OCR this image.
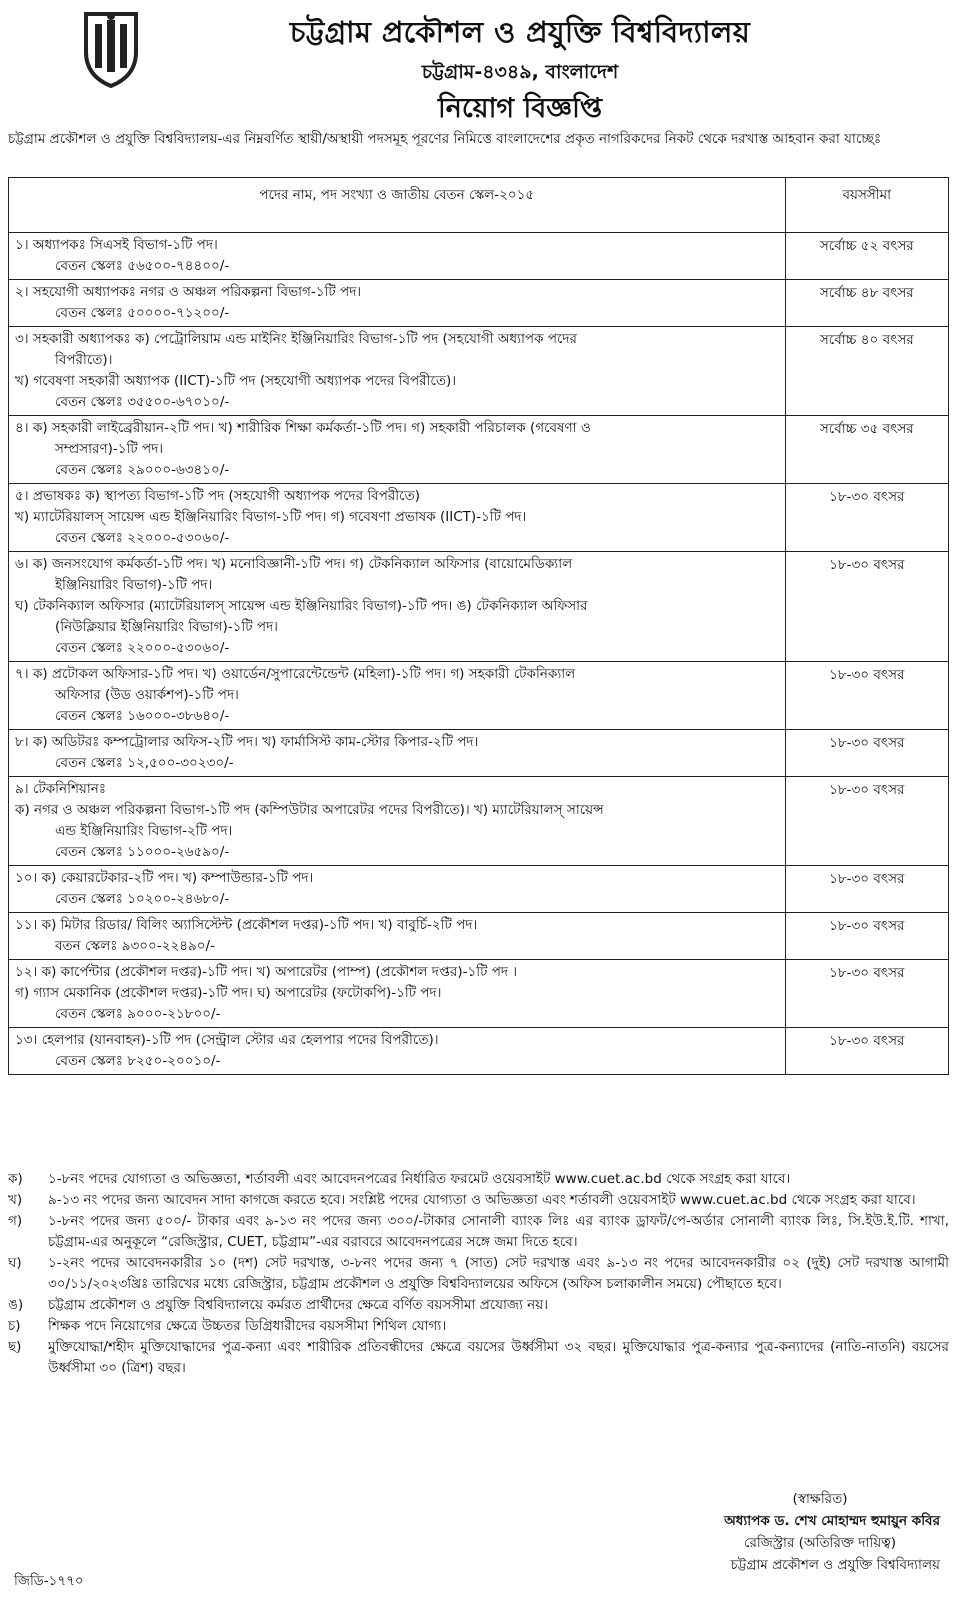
চট্টগ্রাম প্রকৌশল ও প্রযুক্তি বিশ্ববিদ্যালয়
চট্টগ্রাম-৪৩৪৯, বাংলাদেশ
নিয়োগ বিজ্ঞপ্তি
চট্টগ্রাম প্রকৌশল ও প্রযুক্তি বিশ্ববিদ্যালয়-এর নিম্নবর্ণিত স্থায়ী/অস্থায়ী পদসমূহ পূরণের নিমিত্তে বাংলাদেশের প্রকৃত নাগরিকদের নিকট থেকে দরখাস্ত আহবান করা যাচ্ছেঃ
পদের নাম, পদ সংখ্যা ও জাতীয় বেতন স্কেল-২০১৫	বয়সসীমা

১। অধ্যাপকঃ সিএসই বিভাগ-১টি পদ।
বেতন স্কেলঃ ৫৬৫০০-৭৪৪০০/-	সর্বোচ্চ ৫২ বৎসর

২। সহযোগী অধ্যাপকঃ নগর ও অঞ্চল পরিকল্পনা বিভাগ-১টি পদ।
বেতন স্কেলঃ ৫০০০০-৭১২০০/-	সর্বোচ্চ ৪৮ বৎসর

৩। সহকারী অধ্যাপকঃ ক) পেট্রোলিয়াম এন্ড মাইনিং ইঞ্জিনিয়ারিং বিভাগ-১টি পদ (সহযোগী অধ্যাপক পদের
বিপরীতে)।
খ) গবেষণা সহকারী অধ্যাপক (IICT)-১টি পদ (সহযোগী অধ্যাপক পদের বিপরীতে)।
বেতন স্কেলঃ ৩৫৫০০-৬৭০১০/-	সর্বোচ্চ ৪০ বৎসর

৪। ক) সহকারী লাইব্রেরীয়ান-২টি পদ। খ) শারীরিক শিক্ষা কর্মকর্তা-১টি পদ। গ) সহকারী পরিচালক (গবেষণা ও
সম্প্রসারণ)-১টি পদ।
বেতন স্কেলঃ ২৯০০০-৬৩৪১০/-	সর্বোচ্চ ৩৫ বৎসর

৫। প্রভাষকঃ ক) স্থাপত্য বিভাগ-১টি পদ (সহযোগী অধ্যাপক পদের বিপরীতে)
খ) ম্যাটেরিয়ালস্ সায়েন্স এন্ড ইঞ্জিনিয়ারিং বিভাগ-১টি পদ। গ) গবেষণা প্রভাষক (IICT)-১টি পদ।
বেতন স্কেলঃ ২২০০০-৫৩০৬০/-	১৮-৩০ বৎসর

৬। ক) জনসংযোগ কর্মকর্তা-১টি পদ। খ) মনোবিজ্ঞানী-১টি পদ। গ) টেকনিক্যাল অফিসার (বায়োমেডিক্যাল
ইঞ্জিনিয়ারিং বিভাগ)-১টি পদ।
ঘ) টেকনিক্যাল অফিসার (ম্যাটেরিয়ালস্ সায়েন্স এন্ড ইঞ্জিনিয়ারিং বিভাগ)-১টি পদ। ঙ) টেকনিক্যাল অফিসার
(নিউক্লিয়ার ইঞ্জিনিয়ারিং বিভাগ)-১টি পদ।
বেতন স্কেলঃ ২২০০০-৫৩০৬০/-	১৮-৩০ বৎসর

৭। ক) প্রটোকল অফিসার-১টি পদ। খ) ওয়ার্ডেন/সুপারেন্টেন্ডেন্ট (মহিলা)-১টি পদ। গ) সহকারী টেকনিক্যাল
অফিসার (উড ওয়ার্কশপ)-১টি পদ।
বেতন স্কেলঃ ১৬০০০-৩৮৬৪০/-	১৮-৩০ বৎসর

৮। ক) অডিটরঃ কম্পট্রোলার অফিস-২টি পদ। খ) ফার্মাসিস্ট কাম-স্টোর কিপার-২টি পদ।
বেতন স্কেলঃ ১২,৫০০-৩০২৩০/-	১৮-৩০ বৎসর

৯। টেকনিশিয়ানঃ
ক) নগর ও অঞ্চল পরিকল্পনা বিভাগ-১টি পদ (কম্পিউটার অপারেটর পদের বিপরীতে)। খ) ম্যাটেরিয়ালস্ সায়েন্স
এন্ড ইঞ্জিনিয়ারিং বিভাগ-২টি পদ।
বেতন স্কেলঃ ১১০০০-২৬৫৯০/-	১৮-৩০ বৎসর

১০। ক) কেয়ারটেকার-২টি পদ। খ) কম্পাউন্ডার-১টি পদ।
বেতন স্কেলঃ ১০২০০-২৪৬৮০/-	১৮-৩০ বৎসর

১১। ক) মিটার রিডার/ বিলিং অ্যাসিস্টেন্ট (প্রকৌশল দপ্তর)-১টি পদ। খ) বাবুর্চি-২টি পদ।
বতন স্কেলঃ ৯৩০০-২২৪৯০/-	১৮-৩০ বৎসর

১২। ক) কার্পেন্টার (প্রকৌশল দপ্তর)-১টি পদ। খ) অপারেটর (পাম্প) (প্রকৌশল দপ্তর)-১টি পদ ।
গ) গ্যাস মেকানিক (প্রকৌশল দপ্তর)-১টি পদ। ঘ) অপারেটর (ফটোকপি)-১টি পদ।
বেতন স্কেলঃ ৯০০০-২১৮০০/-	১৮-৩০ বৎসর

১৩। হেলপার (যানবাহন)-১টি পদ (সেন্ট্রাল স্টোর এর হেলপার পদের বিপরীতে)।
বেতন স্কেলঃ ৮২৫০-২০০১০/-	১৮-৩০ বৎসর
ক)	১-৮নং পদের যোগ্যতা ও অভিজ্ঞতা, শর্তাবলী এবং আবেদনপত্রের নির্ধারিত ফরমেট ওয়েবসাইট www.cuet.ac.bd থেকে সংগ্রহ করা যাবে।
খ)	৯-১৩ নং পদের জন্য আবেদন সাদা কাগজে করতে হবে। সংশ্লিষ্ট পদের যোগ্যতা ও অভিজ্ঞতা এবং শর্তাবলী ওয়েবসাইট www.cuet.ac.bd থেকে সংগ্রহ করা যাবে।
গ)	১-৮নং পদের জন্য ৫০০/- টাকার এবং ৯-১৩ নং পদের জন্য ৩০০/-টাকার সোনালী ব্যাংক লিঃ এর ব্যাংক ড্রাফট/পে-অর্ডার সোনালী ব্যাংক লিঃ, সি.ইউ.ই.টি. শাখা, চট্টগ্রাম-এর অনুকূলে “রেজিস্ট্রার, CUET, চট্টগ্রাম”-এর বরাবরে আবেদনপত্রের সঙ্গে জমা দিতে হবে।
ঘ)	১-২নং পদের আবেদনকারীর ১০ (দশ) সেট দরখাস্ত, ৩-৮নং পদের জন্য ৭ (সাত) সেট দরখাস্ত এবং ৯-১৩ নং পদের আবেদনকারীর ০২ (দুই) সেট দরখাস্ত আগামী ৩০/১১/২০২৩খ্রিঃ তারিখের মধ্যে রেজিস্ট্রার, চট্টগ্রাম প্রকৌশল ও প্রযুক্তি বিশ্ববিদ্যালয়ের অফিসে (অফিস চলাকালীন সময়ে) পৌছাতে হবে।
ঙ)	চট্টগ্রাম প্রকৌশল ও প্রযুক্তি বিশ্ববিদ্যালয়ে কর্মরত প্রার্থীদের ক্ষেত্রে বর্ণিত বয়সসীমা প্রযোজ্য নয়।
চ)	শিক্ষক পদে নিয়োগের ক্ষেত্রে উচ্চতর ডিগ্রিধারীদের বয়সসীমা শিথিল যোগ্য।
ছ)	মুক্তিযোদ্ধা/শহীদ মুক্তিযোদ্ধাদের পুত্র-কন্যা এবং শারীরিক প্রতিবন্ধীদের ক্ষেত্রে বয়সের উর্ধ্বসীমা ৩২ বছর। মুক্তিযোদ্ধার পুত্র-কন্যার পুত্র-কন্যাদের (নাতি-নাতনি) বয়সের উর্ধ্বসীমা ৩০ (ত্রিশ) বছর।
(স্বাক্ষরিত)
অধ্যাপক ড. শেখ মোহাম্মদ হুমায়ুন কবির
রেজিস্ট্রার (অতিরিক্ত দায়িত্ব)
চট্টগ্রাম প্রকৌশল ও প্রযুক্তি বিশ্ববিদ্যালয়
জিডি-১৭৭০
